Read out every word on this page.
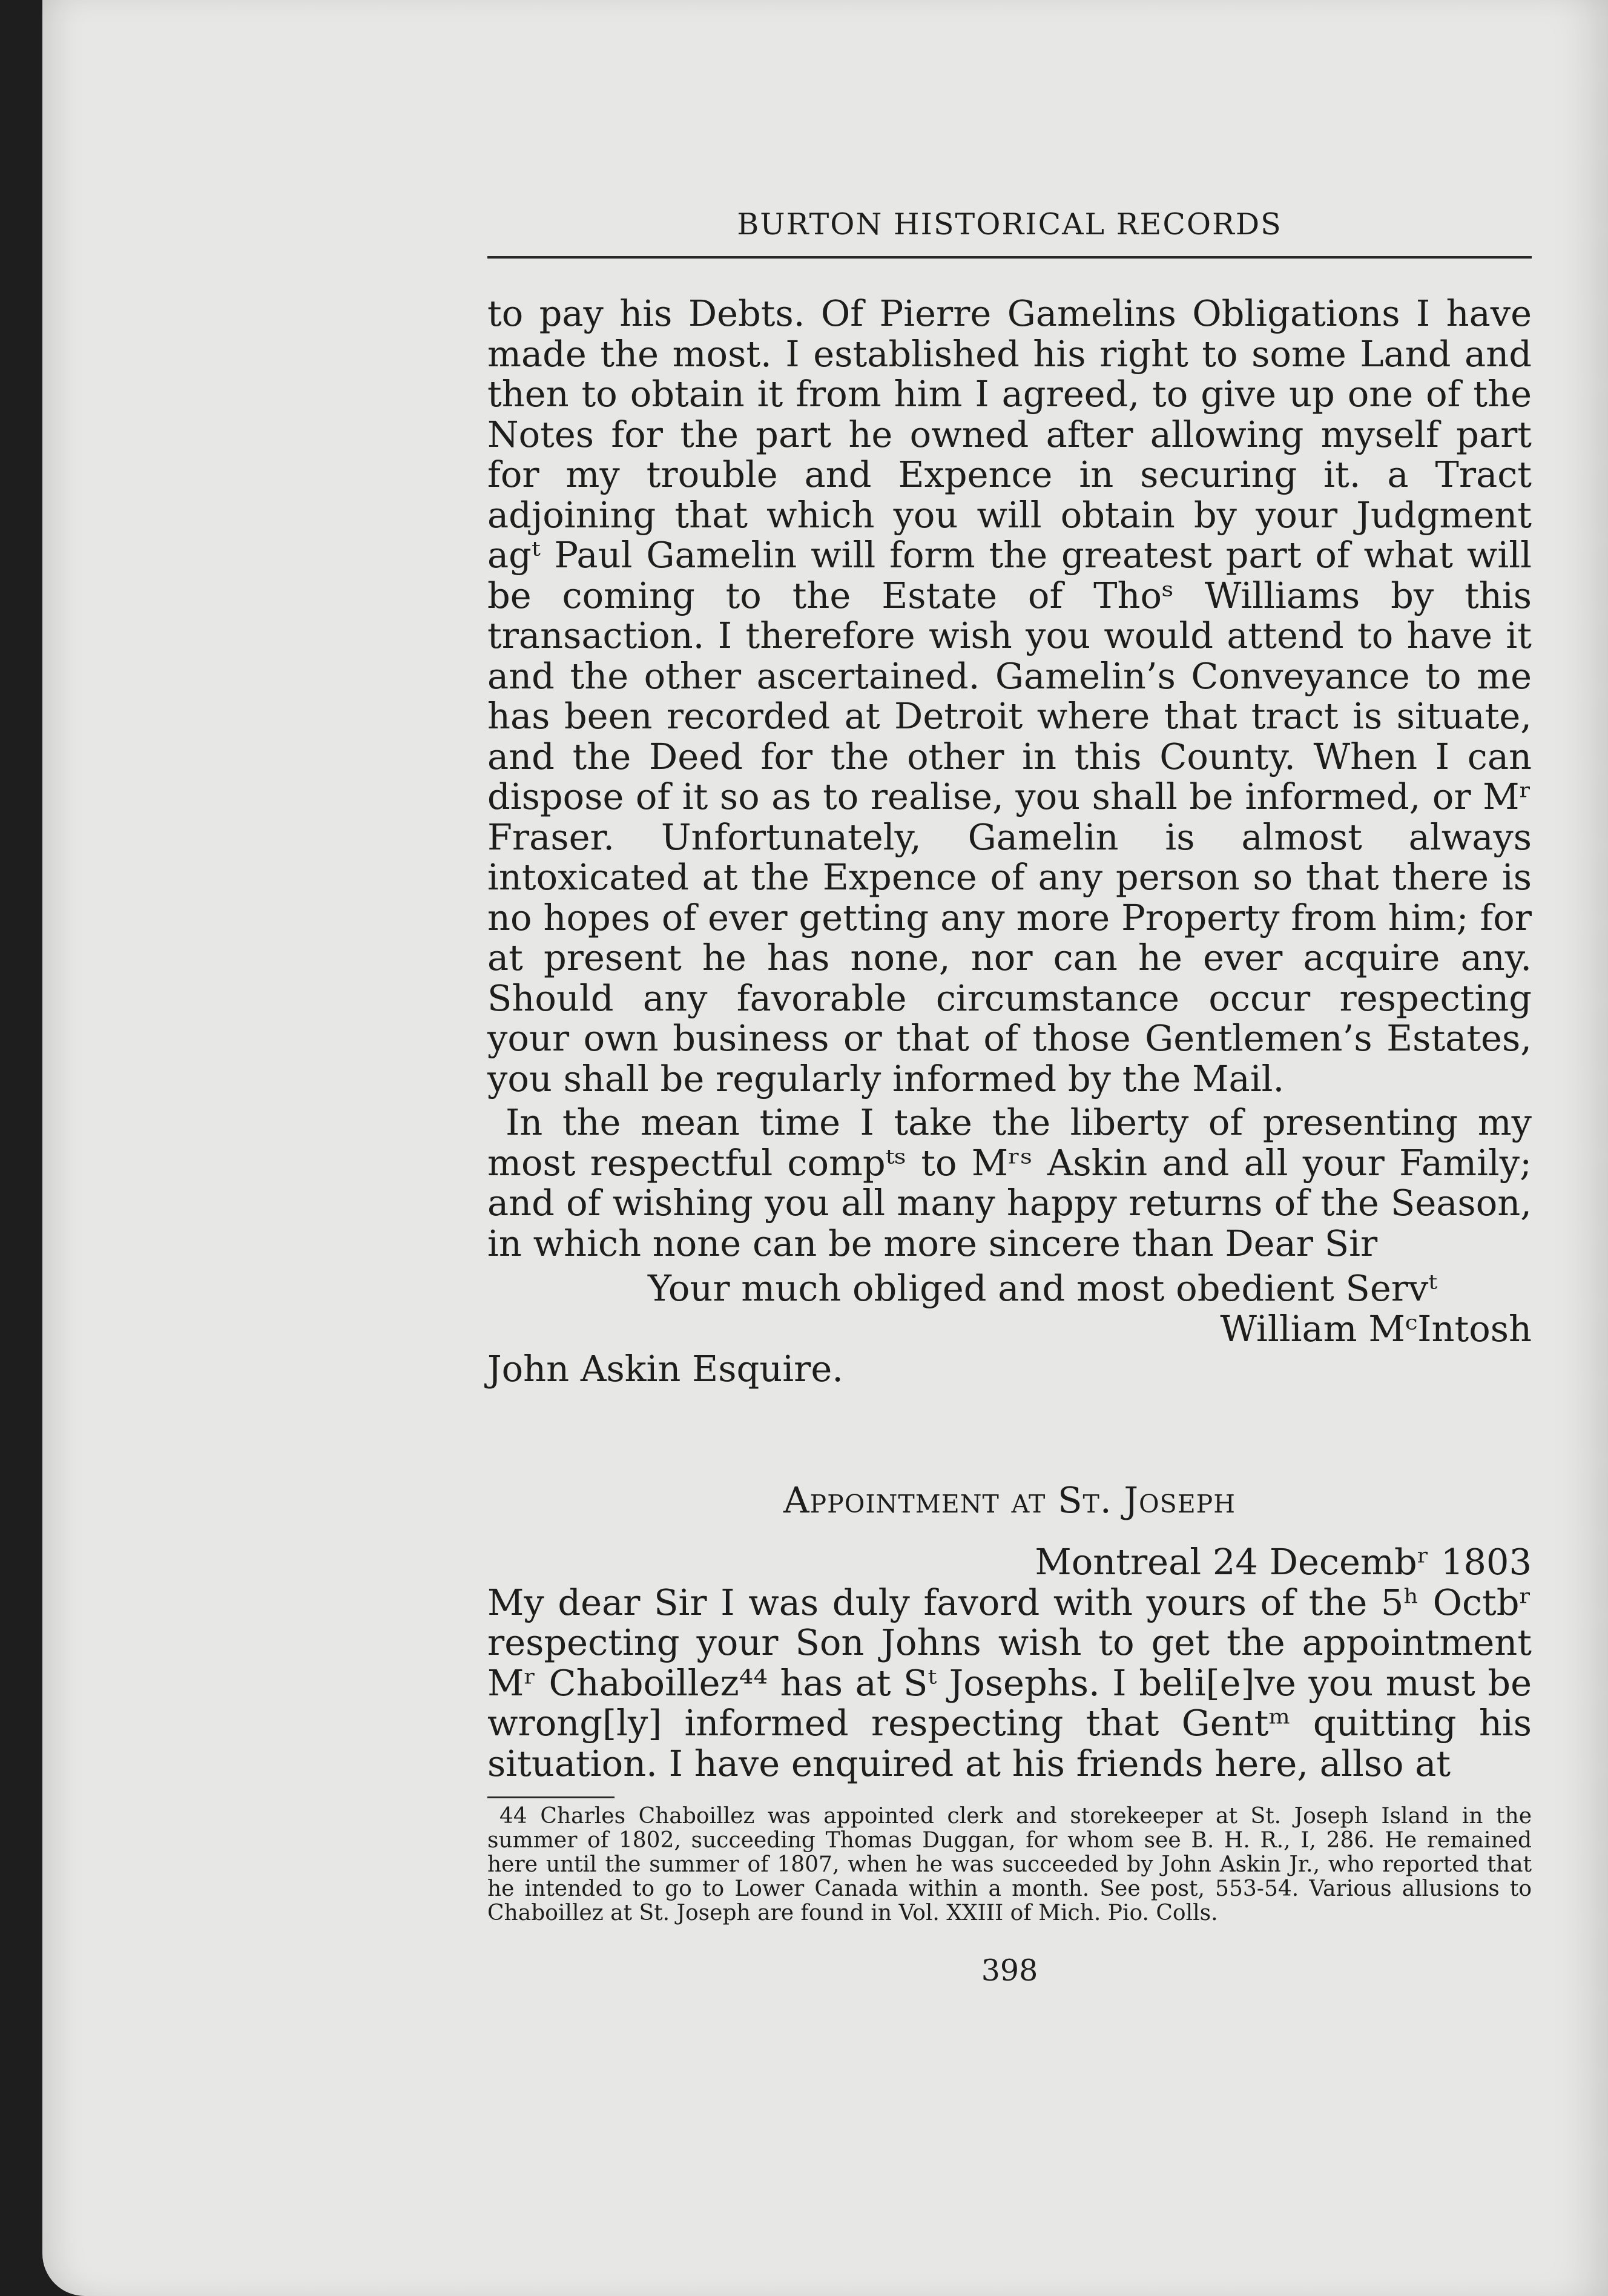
BURTON HISTORICAL RECORDS

to pay his Debts. Of Pierre Gamelins Obligations I have made the most. I established his right to some Land and then to obtain it from him I agreed, to give up one of the Notes for the part he owned after allowing myself part for my trouble and Expence in securing it. a Tract adjoining that which you will obtain by your Judgment agᵗ Paul Gamelin will form the greatest part of what will be coming to the Estate of Thoˢ Williams by this transaction. I therefore wish you would attend to have it and the other ascertained. Gamelin’s Conveyance to me has been recorded at Detroit where that tract is situate, and the Deed for the other in this County. When I can dispose of it so as to realise, you shall be informed, or Mʳ Fraser. Unfortunately, Gamelin is almost always intoxicated at the Expence of any person so that there is no hopes of ever getting any more Property from him; for at present he has none, nor can he ever acquire any. Should any favorable circumstance occur respecting your own business or that of those Gentlemen’s Estates, you shall be regularly informed by the Mail.

In the mean time I take the liberty of presenting my most respectful compᵗˢ to Mʳˢ Askin and all your Family; and of wishing you all many happy returns of the Season, in which none can be more sincere than Dear Sir

Your much obliged and most obedient Servᵗ

William MᶜIntosh

John Askin Esquire.

Appointment at St. Joseph

Montreal 24 Decembʳ 1803

My dear Sir I was duly favord with yours of the 5ʰ Octbʳ respecting your Son Johns wish to get the appointment Mʳ Chaboillez⁴⁴ has at Sᵗ Josephs. I beli[e]ve you must be wrong[ly] informed respecting that Gentᵐ quitting his situation. I have enquired at his friends here, allso at

44 Charles Chaboillez was appointed clerk and storekeeper at St. Joseph Island in the summer of 1802, succeeding Thomas Duggan, for whom see B. H. R., I, 286. He remained here until the summer of 1807, when he was succeeded by John Askin Jr., who reported that he intended to go to Lower Canada within a month. See post, 553-54. Various allusions to Chaboillez at St. Joseph are found in Vol. XXIII of Mich. Pio. Colls.
398
